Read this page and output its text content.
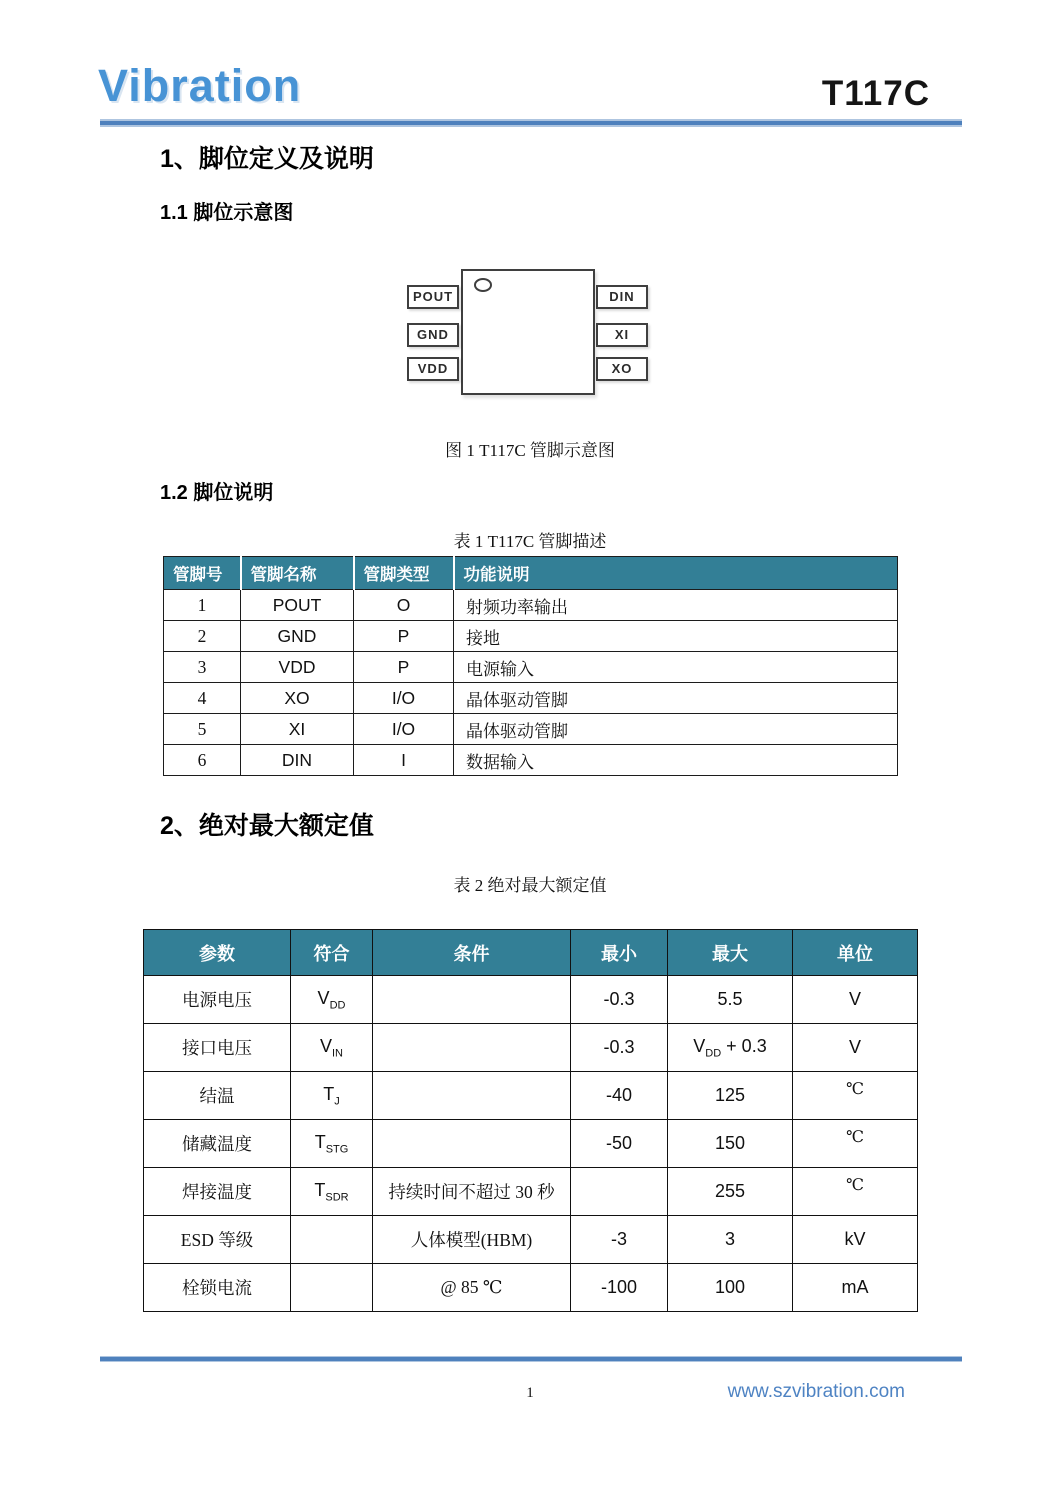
Vibration	T117C
1、脚位定义及说明
1.1 脚位示意图
POUT
GND
VDD
DIN
XI
XO
图 1 T117C 管脚示意图
1.2 脚位说明
表 1 T117C 管脚描述
管脚号	管脚名称	管脚类型	功能说明
1	POUT	O	射频功率输出
2	GND	P	接地
3	VDD	P	电源输入
4	XO	I/O	晶体驱动管脚
5	XI	I/O	晶体驱动管脚
6	DIN	I	数据输入
2、绝对最大额定值
表 2 绝对最大额定值
参数	符合	条件	最小	最大	单位
电源电压	$V_{DD}$		-0.3	5.5	V
接口电压	$V_{IN}$		-0.3	$V_{DD} + 0.3$	V
结温	$T_J$		-40	125	℃
储藏温度	$T_{STG}$		-50	150	℃
焊接温度	$T_{SDR}$	持续时间不超过 30 秒		255	℃
ESD 等级		人体模型(HBM)	-3	3	kV
栓锁电流		@ 85 ℃	-100	100	mA
1	www.szvibration.com
